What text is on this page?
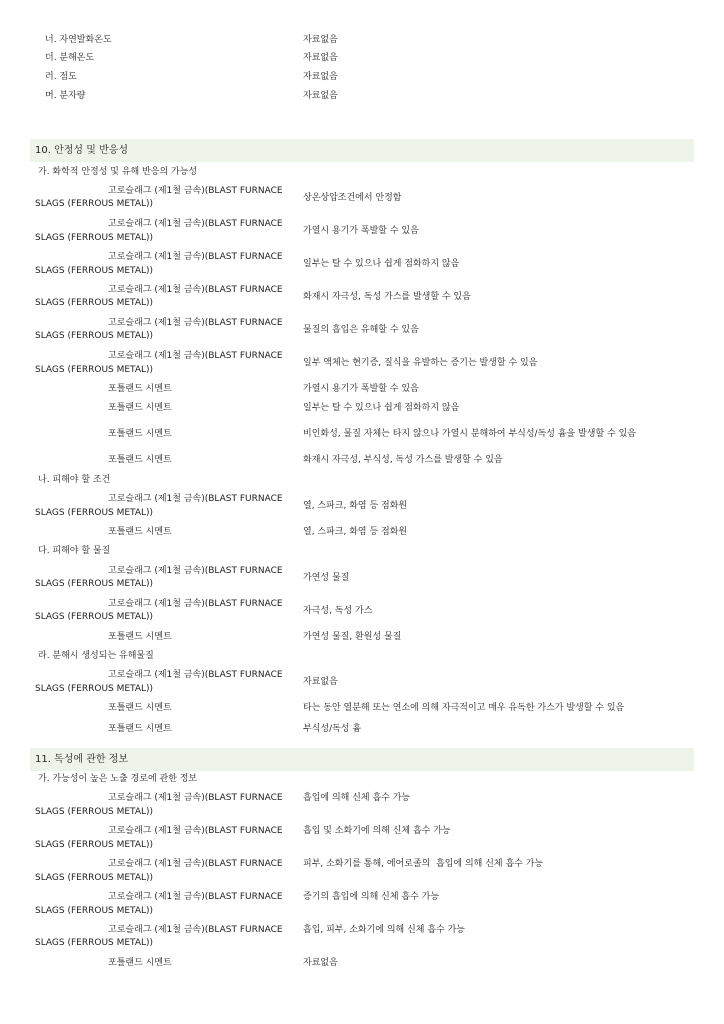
너. 자연발화온도	자료없음
더. 분해온도	자료없음
러. 점도	자료없음
머. 분자량	자료없음
10. 안정성 및 반응성
가. 화학적 안정성 및 유해 반응의 가능성
고로슬래그 (제1철 금속)(BLAST FURNACE
SLAGS (FERROUS METAL))
상온상압조건에서 안정함
고로슬래그 (제1철 금속)(BLAST FURNACE
SLAGS (FERROUS METAL))
가열시 용기가 폭발할 수 있음
고로슬래그 (제1철 금속)(BLAST FURNACE
SLAGS (FERROUS METAL))
일부는 탈 수 있으나 쉽게 점화하지 않음
고로슬래그 (제1철 금속)(BLAST FURNACE
SLAGS (FERROUS METAL))
화재시 자극성, 독성 가스를 발생할 수 있음
고로슬래그 (제1철 금속)(BLAST FURNACE
SLAGS (FERROUS METAL))
물질의 흡입은 유해할 수 있음
고로슬래그 (제1철 금속)(BLAST FURNACE
SLAGS (FERROUS METAL))
일부 액체는 현기증, 질식을 유발하는 증기는 발생할 수 있음
포틀랜드 시멘트	가열시 용기가 폭발할 수 있음
포틀랜드 시멘트	일부는 탈 수 있으나 쉽게 점화하지 않음
포틀랜드 시멘트	비인화성, 물질 자체는 타지 않으나 가열시 분해하여 부식성/독성 흄을 발생할 수 있음
포틀랜드 시멘트	화재시 자극성, 부식성, 독성 가스를 발생할 수 있음
나. 피해야 할 조건
고로슬래그 (제1철 금속)(BLAST FURNACE
SLAGS (FERROUS METAL))
열, 스파크, 화염 등 점화원
포틀랜드 시멘트	열, 스파크, 화염 등 점화원
다. 피해야 할 물질
고로슬래그 (제1철 금속)(BLAST FURNACE
SLAGS (FERROUS METAL))
가연성 물질
고로슬래그 (제1철 금속)(BLAST FURNACE
SLAGS (FERROUS METAL))
자극성, 독성 가스
포틀랜드 시멘트	가연성 물질, 환원성 물질
라. 분해시 생성되는 유해물질
고로슬래그 (제1철 금속)(BLAST FURNACE
SLAGS (FERROUS METAL))
자료없음
포틀랜드 시멘트	타는 동안 열분해 또는 연소에 의해 자극적이고 매우 유독한 가스가 발생할 수 있음
포틀랜드 시멘트	부식성/독성 흄
11. 독성에 관한 정보
가. 가능성이 높은 노출 경로에 관한 정보
고로슬래그 (제1철 금속)(BLAST FURNACE
SLAGS (FERROUS METAL))
흡입에 의해 신체 흡수 가능
고로슬래그 (제1철 금속)(BLAST FURNACE
SLAGS (FERROUS METAL))
흡입 및 소화기에 의해 신체 흡수 가능
고로슬래그 (제1철 금속)(BLAST FURNACE
SLAGS (FERROUS METAL))
피부, 소화기를 통해, 에어로졸의  흡입에 의해 신체 흡수 가능
고로슬래그 (제1철 금속)(BLAST FURNACE
SLAGS (FERROUS METAL))
증기의 흡입에 의해 신체 흡수 가능
고로슬래그 (제1철 금속)(BLAST FURNACE
SLAGS (FERROUS METAL))
흡입, 피부, 소화기에 의해 신체 흡수 가능
포틀랜드 시멘트	자료없음
